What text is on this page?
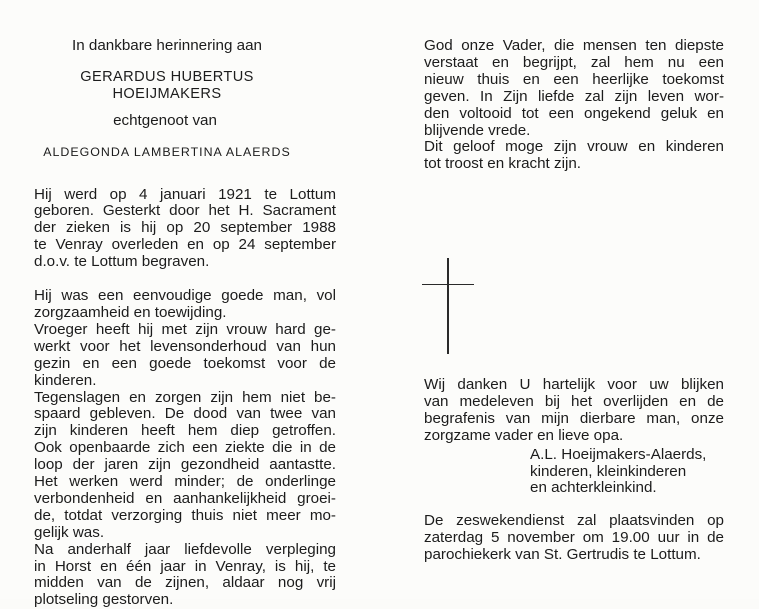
In dankbare herinnering aan
GERARDUS HUBERTUS HOEIJMAKERS
echtgenoot van
ALDEGONDA LAMBERTINA ALAERDS
Hij werd op 4 januari 1921 te Lottum
geboren. Gesterkt door het H. Sacrament
der zieken is hij op 20 september 1988
te Venray overleden en op 24 september
d.o.v. te Lottum begraven.
Hij was een eenvoudige goede man, vol
zorgzaamheid en toewijding.
Vroeger heeft hij met zijn vrouw hard ge-
werkt voor het levensonderhoud van hun
gezin en een goede toekomst voor de
kinderen.
Tegenslagen en zorgen zijn hem niet be-
spaard gebleven. De dood van twee van
zijn kinderen heeft hem diep getroffen.
Ook openbaarde zich een ziekte die in de
loop der jaren zijn gezondheid aantastte.
Het werken werd minder; de onderlinge
verbondenheid en aanhankelijkheid groei-
de, totdat verzorging thuis niet meer mo-
gelijk was.
Na anderhalf jaar liefdevolle verpleging
in Horst en één jaar in Venray, is hij, te
midden van de zijnen, aldaar nog vrij
plotseling gestorven.
God onze Vader, die mensen ten diepste
verstaat en begrijpt, zal hem nu een
nieuw thuis en een heerlijke toekomst
geven. In Zijn liefde zal zijn leven wor-
den voltooid tot een ongekend geluk en
blijvende vrede.
Dit geloof moge zijn vrouw en kinderen
tot troost en kracht zijn.
Wij danken U hartelijk voor uw blijken
van medeleven bij het overlijden en de
begrafenis van mijn dierbare man, onze
zorgzame vader en lieve opa.
A.L. Hoeijmakers-Alaerds,
kinderen, kleinkinderen
en achterkleinkind.
De zeswekendienst zal plaatsvinden op
zaterdag 5 november om 19.00 uur in de
parochiekerk van St. Gertrudis te Lottum.
